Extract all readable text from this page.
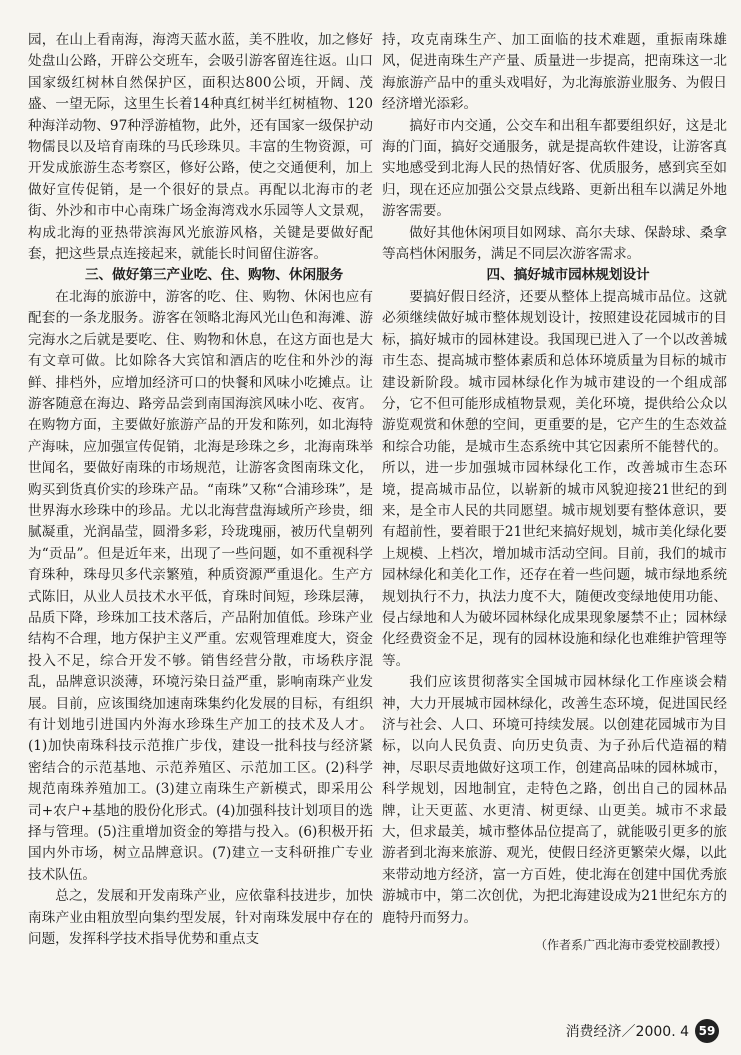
园，在山上看南海，海湾天蓝水蓝，美不胜收，加之修好处盘山公路，开辟公交班车，会吸引游客留连往返。山口国家级红树林自然保护区，面积达800公顷，开阔、茂盛、一望无际，这里生长着14种真红树半红树植物、120种海洋动物、97种浮游植物，此外，还有国家一级保护动物儒艮以及培育南珠的马氏珍珠贝。丰富的生物资源，可开发成旅游生态考察区，修好公路，使之交通便利，加上做好宣传促销，是一个很好的景点。再配以北海市的老街、外沙和市中心南珠广场金海湾戏水乐园等人文景观，构成北海的亚热带滨海风光旅游风格，关键是要做好配套，把这些景点连接起来，就能长时间留住游客。

三、做好第三产业吃、住、购物、休闲服务

在北海的旅游中，游客的吃、住、购物、休闲也应有配套的一条龙服务。游客在领略北海风光山色和海滩、游完海水之后就是要吃、住、购物和休息，在这方面也是大有文章可做。比如除各大宾馆和酒店的吃住和外沙的海鲜、排档外，应增加经济可口的快餐和风味小吃摊点。让游客随意在海边、路旁品尝到南国海滨风味小吃、夜宵。在购物方面，主要做好旅游产品的开发和陈列，如北海特产海味，应加强宣传促销，北海是珍珠之乡，北海南珠举世闻名，要做好南珠的市场规范，让游客贪图南珠文化，购买到货真价实的珍珠产品。“南珠”又称“合浦珍珠”，是世界海水珍珠中的珍品。尤以北海营盘海域所产珍贵，细腻凝重，光润晶莹，圆滑多彩，玲珑瑰丽，被历代皇朝列为“贡品”。但是近年来，出现了一些问题，如不重视科学育珠种，珠母贝多代亲繁殖，种质资源严重退化。生产方式陈旧，从业人员技术水平低，育珠时间短，珍珠层薄，品质下降，珍珠加工技术落后，产品附加值低。珍珠产业结构不合理，地方保护主义严重。宏观管理难度大，资金投入不足，综合开发不够。销售经营分散，市场秩序混乱，品牌意识淡薄，环境污染日益严重，影响南珠产业发展。目前，应该围绕加速南珠集约化发展的目标，有组织有计划地引进国内外海水珍珠生产加工的技术及人才。(1)加快南珠科技示范推广步伐，建设一批科技与经济紧密结合的示范基地、示范养殖区、示范加工区。(2)科学规范南珠养殖加工。(3)建立南珠生产新模式，即采用公司+农户+基地的股份化形式。(4)加强科技计划项目的选择与管理。(5)注重增加资金的筹措与投入。(6)积极开拓国内外市场，树立品牌意识。(7)建立一支科研推广专业技术队伍。

总之，发展和开发南珠产业，应依靠科技进步，加快南珠产业由粗放型向集约型发展，针对南珠发展中存在的问题，发挥科学技术指导优势和重点支

持，攻克南珠生产、加工面临的技术难题，重振南珠雄风，促进南珠生产产量、质量进一步提高，把南珠这一北海旅游产品中的重头戏唱好，为北海旅游业服务、为假日经济增光添彩。

搞好市内交通，公交车和出租车都要组织好，这是北海的门面，搞好交通服务，就是提高软件建设，让游客真实地感受到北海人民的热情好客、优质服务，感到宾至如归，现在还应加强公交景点线路、更新出租车以满足外地游客需要。

做好其他休闲项目如网球、高尔夫球、保龄球、桑拿等高档休闲服务，满足不同层次游客需求。

四、搞好城市园林规划设计

要搞好假日经济，还要从整体上提高城市品位。这就必须继续做好城市整体规划设计，按照建设花园城市的目标，搞好城市的园林建设。我国现已进入了一个以改善城市生态、提高城市整体素质和总体环境质量为目标的城市建设新阶段。城市园林绿化作为城市建设的一个组成部分，它不但可能形成植物景观，美化环境，提供给公众以游览观赏和休憩的空间，更重要的是，它产生的生态效益和综合功能，是城市生态系统中其它因素所不能替代的。所以，进一步加强城市园林绿化工作，改善城市生态环境，提高城市品位，以崭新的城市风貌迎接21世纪的到来，是全市人民的共同愿望。城市规划要有整体意识，要有超前性，要着眼于21世纪来搞好规划，城市美化绿化要上规模、上档次，增加城市活动空间。目前，我们的城市园林绿化和美化工作，还存在着一些问题，城市绿地系统规划执行不力，执法力度不大，随便改变绿地使用功能、侵占绿地和人为破坏园林绿化成果现象屡禁不止；园林绿化经费资金不足，现有的园林设施和绿化也难维护管理等等。

我们应该贯彻落实全国城市园林绿化工作座谈会精神，大力开展城市园林绿化，改善生态环境，促进国民经济与社会、人口、环境可持续发展。以创建花园城市为目标，以向人民负责、向历史负责、为子孙后代造福的精神，尽职尽责地做好这项工作，创建高品味的园林城市，科学规划，因地制宜，走特色之路，创出自己的园林品牌，让天更蓝、水更清、树更绿、山更美。城市不求最大，但求最美，城市整体品位提高了，就能吸引更多的旅游者到北海来旅游、观光，使假日经济更繁荣火爆，以此来带动地方经济，富一方百姓，使北海在创建中国优秀旅游城市中，第二次创优，为把北海建设成为21世纪东方的鹿特丹而努力。

（作者系广西北海市委党校副教授）
消费经济／2000. 4 59
